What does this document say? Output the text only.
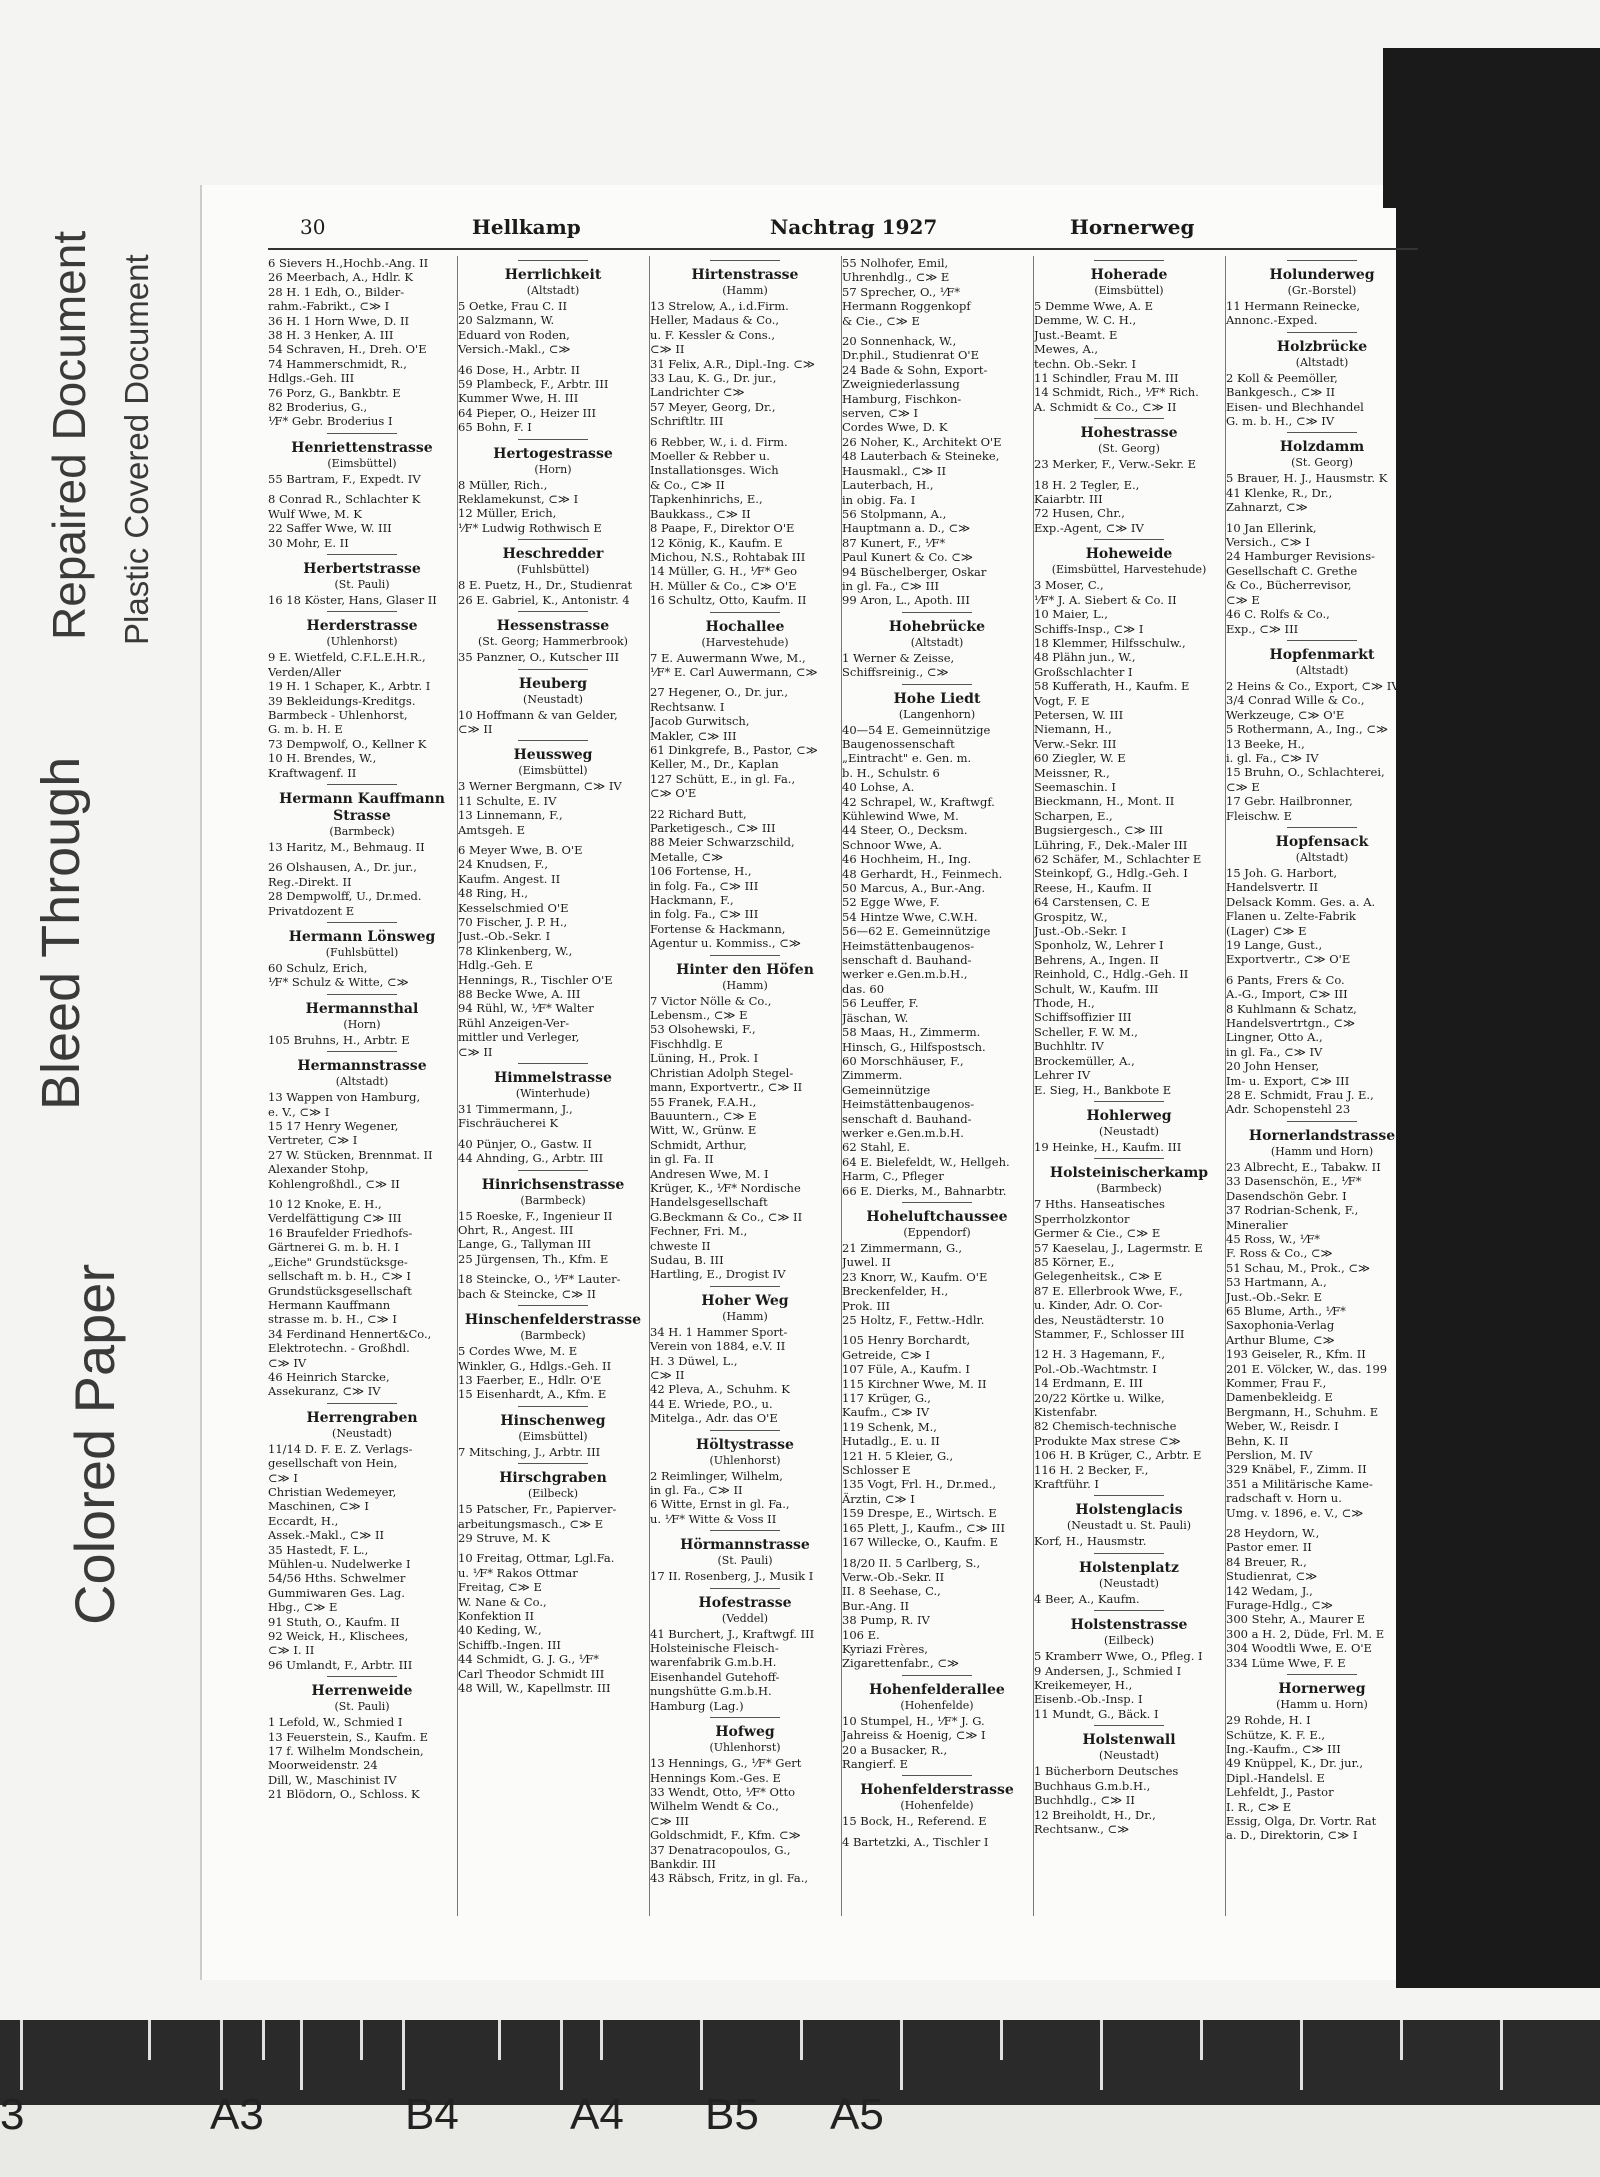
Colored Paper
Bleed Through
Repaired Document Plastic Covered Document
30	Hellkamp	Nachtrag 1927	Hornerweg
6 Sievers H.,Hochb.-Ang. II
26 Meerbach, A., Hdlr. K
28 H. 1 Edh, O., Bilder-
rahm.-Fabrikt., ⊂≫ I
36 H. 1 Horn Wwe, D. II
38 H. 3 Henker, A. III
54 Schraven, H., Dreh. O'E
74 Hammerschmidt, R.,
Hdlgs.-Geh. III
76 Porz, G., Bankbtr. E
82 Broderius, G.,
⅟F* Gebr. Broderius I
Henriettenstrasse
(Eimsbüttel)
55 Bartram, F., Expedt. IV
8 Conrad R., Schlachter K
Wulf Wwe, M. K
22 Saffer Wwe, W. III
30 Mohr, E. II
Herbertstrasse
(St. Pauli)
16 18 Köster, Hans, Glaser II
Herderstrasse
(Uhlenhorst)
9 E. Wietfeld, C.F.L.E.H.R.,
Verden/Aller
19 H. 1 Schaper, K., Arbtr. I
39 Bekleidungs-Kreditgs.
Barmbeck - Uhlenhorst,
G. m. b. H. E
73 Dempwolf, O., Kellner K
10 H. Brendes, W.,
Kraftwagenf. II
Hermann Kauffmann Strasse
(Barmbeck)
13 Haritz, M., Behmaug. II
26 Olshausen, A., Dr. jur.,
Reg.-Direkt. II
28 Dempwolff, U., Dr.med.
Privatdozent E
Hermann Lönsweg
(Fuhlsbüttel)
60 Schulz, Erich,
⅟F* Schulz & Witte, ⊂≫
Hermannsthal
(Horn)
105 Bruhns, H., Arbtr. E
Hermannstrasse
(Altstadt)
13 Wappen von Hamburg,
e. V., ⊂≫ I
15 17 Henry Wegener,
Vertreter, ⊂≫ I
27 W. Stücken, Brennmat. II
Alexander Stohp,
Kohlengroßhdl., ⊂≫ II
10 12 Knoke, E. H.,
Verdelfättigung ⊂≫ III
16 Braufelder Friedhofs-
Gärtnerei G. m. b. H. I
„Eiche" Grundstücksge-
sellschaft m. b. H., ⊂≫ I
Grundstücksgesellschaft
Hermann Kauffmann
strasse m. b. H., ⊂≫ I
34 Ferdinand Hennert&Co.,
Elektrotechn. - Großhdl.
⊂≫ IV
46 Heinrich Starcke,
Assekuranz, ⊂≫ IV
Herrengraben
(Neustadt)
11/14 D. F. E. Z. Verlags-
gesellschaft von Hein,
⊂≫ I
Christian Wedemeyer,
Maschinen, ⊂≫ I
Eccardt, H.,
Assek.-Makl., ⊂≫ II
35 Hastedt, F. L.,
Mühlen-u. Nudelwerke I
54/56 Hths. Schwelmer
Gummiwaren Ges. Lag.
Hbg., ⊂≫ E
91 Stuth, O., Kaufm. II
92 Weick, H., Klischees,
⊂≫ I. II
96 Umlandt, F., Arbtr. III
Herrenweide
(St. Pauli)
1 Lefold, W., Schmied I
13 Feuerstein, S., Kaufm. E
17 f. Wilhelm Mondschein,
Moorweidenstr. 24
Dill, W., Maschinist IV
21 Blödorn, O., Schloss. K
Herrlichkeit
(Altstadt)
5 Oetke, Frau C. II
20 Salzmann, W.
Eduard von Roden,
Versich.-Makl., ⊂≫
46 Dose, H., Arbtr. II
59 Plambeck, F., Arbtr. III
Kummer Wwe, H. III
64 Pieper, O., Heizer III
65 Bohn, F. I
Hertogestrasse
(Horn)
8 Müller, Rich.,
Reklamekunst, ⊂≫ I
12 Müller, Erich,
⅟F* Ludwig Rothwisch E
Heschredder
(Fuhlsbüttel)
8 E. Puetz, H., Dr., Studienrat
26 E. Gabriel, K., Antonistr. 4
Hessenstrasse
(St. Georg; Hammerbrook)
35 Panzner, O., Kutscher III
Heuberg
(Neustadt)
10 Hoffmann & van Gelder,
⊂≫ II
Heussweg
(Eimsbüttel)
3 Werner Bergmann, ⊂≫ IV
11 Schulte, E. IV
13 Linnemann, F.,
Amtsgeh. E
6 Meyer Wwe, B. O'E
24 Knudsen, F.,
Kaufm. Angest. II
48 Ring, H.,
Kesselschmied O'E
70 Fischer, J. P. H.,
Just.-Ob.-Sekr. I
78 Klinkenberg, W.,
Hdlg.-Geh. E
Hennings, R., Tischler O'E
88 Becke Wwe, A. III
94 Rühl, W., ⅟F* Walter
Rühl Anzeigen-Ver-
mittler und Verleger,
⊂≫ II
Himmelstrasse
(Winterhude)
31 Timmermann, J.,
Fischräucherei K
40 Pünjer, O., Gastw. II
44 Ahnding, G., Arbtr. III
Hinrichsenstrasse
(Barmbeck)
15 Roeske, F., Ingenieur II
Ohrt, R., Angest. III
Lange, G., Tallyman III
25 Jürgensen, Th., Kfm. E
18 Steincke, O., ⅟F* Lauter-
bach & Steincke, ⊂≫ II
Hinschenfelderstrasse
(Barmbeck)
5 Cordes Wwe, M. E
Winkler, G., Hdlgs.-Geh. II
13 Faerber, E., Hdlr. O'E
15 Eisenhardt, A., Kfm. E
Hinschenweg
(Eimsbüttel)
7 Mitsching, J., Arbtr. III
Hirschgraben
(Eilbeck)
15 Patscher, Fr., Papierver-
arbeitungsmasch., ⊂≫ E
29 Struve, M. K
10 Freitag, Ottmar, Lgl.Fa.
u. ⅟F* Rakos Ottmar
Freitag, ⊂≫ E
W. Nane & Co.,
Konfektion II
40 Keding, W.,
Schiffb.-Ingen. III
44 Schmidt, G. J. G., ⅟F*
Carl Theodor Schmidt III
48 Will, W., Kapellmstr. III
Hirtenstrasse
(Hamm)
13 Strelow, A., i.d.Firm.
Heller, Madaus & Co.,
u. F. Kessler & Cons.,
⊂≫ II
31 Felix, A.R., Dipl.-Ing. ⊂≫
33 Lau, K. G., Dr. jur.,
Landrichter ⊂≫
57 Meyer, Georg, Dr.,
Schriftltr. III
6 Rebber, W., i. d. Firm.
Moeller & Rebber u.
Installationsges. Wich
& Co., ⊂≫ II
Tapkenhinrichs, E.,
Baukkass., ⊂≫ II
8 Paape, F., Direktor O'E
12 König, K., Kaufm. E
Michou, N.S., Rohtabak III
14 Müller, G. H., ⅟F* Geo
H. Müller & Co., ⊂≫ O'E
16 Schultz, Otto, Kaufm. II
Hochallee
(Harvestehude)
7 E. Auwermann Wwe, M.,
⅟F* E. Carl Auwermann, ⊂≫
27 Hegener, O., Dr. jur.,
Rechtsanw. I
Jacob Gurwitsch,
Makler, ⊂≫ III
61 Dinkgrefe, B., Pastor, ⊂≫
Keller, M., Dr., Kaplan
127 Schütt, E., in gl. Fa.,
⊂≫ O'E
22 Richard Butt,
Parketigesch., ⊂≫ III
88 Meier Schwarzschild,
Metalle, ⊂≫
106 Fortense, H.,
in folg. Fa., ⊂≫ III
Hackmann, F.,
in folg. Fa., ⊂≫ III
Fortense & Hackmann,
Agentur u. Kommiss., ⊂≫
Hinter den Höfen
(Hamm)
7 Victor Nölle & Co.,
Lebensm., ⊂≫ E
53 Olsohewski, F.,
Fischhdlg. E
Lüning, H., Prok. I
Christian Adolph Stegel-
mann, Exportvertr., ⊂≫ II
55 Franek, F.A.H.,
Bauuntern., ⊂≫ E
Witt, W., Grünw. E
Schmidt, Arthur,
in gl. Fa. II
Andresen Wwe, M. I
Krüger, K., ⅟F* Nordische
Handelsgesellschaft
G.Beckmann & Co., ⊂≫ II
Fechner, Fri. M.,
chweste II
Sudau, B. III
Hartling, E., Drogist IV
Hoher Weg
(Hamm)
34 H. 1 Hammer Sport-
Verein von 1884, e.V. II
H. 3 Düwel, L.,
⊂≫ II
42 Pleva, A., Schuhm. K
44 E. Wriede, P.O., u.
Mitelga., Adr. das O'E
Höltystrasse
(Uhlenhorst)
2 Reimlinger, Wilhelm,
in gl. Fa., ⊂≫ II
6 Witte, Ernst in gl. Fa.,
u. ⅟F* Witte & Voss II
Hörmannstrasse
(St. Pauli)
17 II. Rosenberg, J., Musik I
Hofestrasse
(Veddel)
41 Burchert, J., Kraftwgf. III
Holsteinische Fleisch-
warenfabrik G.m.b.H.
Eisenhandel Gutehoff-
nungshütte G.m.b.H.
Hamburg (Lag.)
Hofweg
(Uhlenhorst)
13 Hennings, G., ⅟F* Gert
Hennings Kom.-Ges. E
33 Wendt, Otto, ⅟F* Otto
Wilhelm Wendt & Co.,
⊂≫ III
Goldschmidt, F., Kfm. ⊂≫
37 Denatracopoulos, G.,
Bankdir. III
43 Räbsch, Fritz, in gl. Fa.,
55 Nolhofer, Emil,
Uhrenhdlg., ⊂≫ E
57 Sprecher, O., ⅟F*
Hermann Roggenkopf
& Cie., ⊂≫ E
20 Sonnenhack, W.,
Dr.phil., Studienrat O'E
24 Bade & Sohn, Export-
Zweigniederlassung
Hamburg, Fischkon-
serven, ⊂≫ I
Cordes Wwe, D. K
26 Noher, K., Architekt O'E
48 Lauterbach & Steineke,
Hausmakl., ⊂≫ II
Lauterbach, H.,
in obig. Fa. I
56 Stolpmann, A.,
Hauptmann a. D., ⊂≫
87 Kunert, F., ⅟F*
Paul Kunert & Co. ⊂≫
94 Büschelberger, Oskar
in gl. Fa., ⊂≫ III
99 Aron, L., Apoth. III
Hohebrücke
(Altstadt)
1 Werner & Zeisse,
Schiffsreinig., ⊂≫
Hohe Liedt
(Langenhorn)
40—54 E. Gemeinnützige
Baugenossenschaft
„Eintracht" e. Gen. m.
b. H., Schulstr. 6
40 Lohse, A.
42 Schrapel, W., Kraftwgf.
Kühlewind Wwe, M.
44 Steer, O., Decksm.
Schnoor Wwe, A.
46 Hochheim, H., Ing.
48 Gerhardt, H., Feinmech.
50 Marcus, A., Bur.-Ang.
52 Egge Wwe, F.
54 Hintze Wwe, C.W.H.
56—62 E. Gemeinnützige
Heimstättenbaugenos-
senschaft d. Bauhand-
werker e.Gen.m.b.H.,
das. 60
56 Leuffer, F.
Jäschan, W.
58 Maas, H., Zimmerm.
Hinsch, G., Hilfspostsch.
60 Morschhäuser, F.,
Zimmerm.
Gemeinnützige
Heimstättenbaugenos-
senschaft d. Bauhand-
werker e.Gen.m.b.H.
62 Stahl, E.
64 E. Bielefeldt, W., Hellgeh.
Harm, C., Pfleger
66 E. Dierks, M., Bahnarbtr.
Hoheluftchaussee
(Eppendorf)
21 Zimmermann, G.,
Juwel. II
23 Knorr, W., Kaufm. O'E
Breckenfelder, H.,
Prok. III
25 Holtz, F., Fettw.-Hdlr.
105 Henry Borchardt,
Getreide, ⊂≫ I
107 Füle, A., Kaufm. I
115 Kirchner Wwe, M. II
117 Krüger, G.,
Kaufm., ⊂≫ IV
119 Schenk, M.,
Hutadlg., E. u. II
121 H. 5 Kleier, G.,
Schlosser E
135 Vogt, Frl. H., Dr.med.,
Ärztin, ⊂≫ I
159 Drespe, E., Wirtsch. E
165 Plett, J., Kaufm., ⊂≫ III
167 Willecke, O., Kaufm. E
18/20 II. 5 Carlberg, S.,
Verw.-Ob.-Sekr. II
II. 8 Seehase, C.,
Bur.-Ang. II
38 Pump, R. IV
106 E.
Kyriazi Frères,
Zigarettenfabr., ⊂≫
Hohenfelderallee
(Hohenfelde)
10 Stumpel, H., ⅟F* J. G.
Jahreiss & Hoenig, ⊂≫ I
20 a Busacker, R.,
Rangierf. E
Hohenfelderstrasse
(Hohenfelde)
15 Bock, H., Referend. E
4 Bartetzki, A., Tischler I
Hoherade
(Eimsbüttel)
5 Demme Wwe, A. E
Demme, W. C. H.,
Just.-Beamt. E
Mewes, A.,
techn. Ob.-Sekr. I
11 Schindler, Frau M. III
14 Schmidt, Rich., ⅟F* Rich.
A. Schmidt & Co., ⊂≫ II
Hohestrasse
(St. Georg)
23 Merker, F., Verw.-Sekr. E
18 H. 2 Tegler, E.,
Kaiarbtr. III
72 Husen, Chr.,
Exp.-Agent, ⊂≫ IV
Hoheweide
(Eimsbüttel, Harvestehude)
3 Moser, C.,
⅟F* J. A. Siebert & Co. II
10 Maier, L.,
Schiffs-Insp., ⊂≫ I
18 Klemmer, Hilfsschulw.,
48 Plähn jun., W.,
Großschlachter I
58 Kufferath, H., Kaufm. E
Vogt, F. E
Petersen, W. III
Niemann, H.,
Verw.-Sekr. III
60 Ziegler, W. E
Meissner, R.,
Seemaschin. I
Bieckmann, H., Mont. II
Scharpen, E.,
Bugsiergesch., ⊂≫ III
Lühring, F., Dek.-Maler III
62 Schäfer, M., Schlachter E
Steinkopf, G., Hdlg.-Geh. I
Reese, H., Kaufm. II
64 Carstensen, C. E
Grospitz, W.,
Just.-Ob.-Sekr. I
Sponholz, W., Lehrer I
Behrens, A., Ingen. II
Reinhold, C., Hdlg.-Geh. II
Schult, W., Kaufm. III
Thode, H.,
Schiffsoffizier III
Scheller, F. W. M.,
Buchhltr. IV
Brockemüller, A.,
Lehrer IV
E. Sieg, H., Bankbote E
Hohlerweg
(Neustadt)
19 Heinke, H., Kaufm. III
Holsteinischerkamp
(Barmbeck)
7 Hths. Hanseatisches
Sperrholzkontor
Germer & Cie., ⊂≫ E
57 Kaeselau, J., Lagermstr. E
85 Körner, E.,
Gelegenheitsk., ⊂≫ E
87 E. Ellerbrook Wwe, F.,
u. Kinder, Adr. O. Cor-
des, Neustädterstr. 10
Stammer, F., Schlosser III
12 H. 3 Hagemann, F.,
Pol.-Ob.-Wachtmstr. I
14 Erdmann, E. III
20/22 Körtke u. Wilke,
Kistenfabr.
82 Chemisch-technische
Produkte Max strese ⊂≫
106 H. B Krüger, C., Arbtr. E
116 H. 2 Becker, F.,
Kraftführ. I
Holstenglacis
(Neustadt u. St. Pauli)
Korf, H., Hausmstr.
Holstenplatz
(Neustadt)
4 Beer, A., Kaufm.
Holstenstrasse
(Eilbeck)
5 Kramberr Wwe, O., Pfleg. I
9 Andersen, J., Schmied I
Kreikemeyer, H.,
Eisenb.-Ob.-Insp. I
11 Mundt, G., Bäck. I
Holstenwall
(Neustadt)
1 Bücherborn Deutsches
Buchhaus G.m.b.H.,
Buchhdlg., ⊂≫ II
12 Breiholdt, H., Dr.,
Rechtsanw., ⊂≫
Holunderweg
(Gr.-Borstel)
11 Hermann Reinecke,
Annonc.-Exped.
Holzbrücke
(Altstadt)
2 Koll & Peemöller,
Bankgesch., ⊂≫ II
Eisen- und Blechhandel
G. m. b. H., ⊂≫ IV
Holzdamm
(St. Georg)
5 Brauer, H. J., Hausmstr. K
41 Klenke, R., Dr.,
Zahnarzt, ⊂≫
10 Jan Ellerink,
Versich., ⊂≫ I
24 Hamburger Revisions-
Gesellschaft C. Grethe
& Co., Bücherrevisor,
⊂≫ E
46 C. Rolfs & Co.,
Exp., ⊂≫ III
Hopfenmarkt
(Altstadt)
2 Heins & Co., Export, ⊂≫ IV
3/4 Conrad Wille & Co.,
Werkzeuge, ⊂≫ O'E
5 Rothermann, A., Ing., ⊂≫
13 Beeke, H.,
i. gl. Fa., ⊂≫ IV
15 Bruhn, O., Schlachterei,
⊂≫ E
17 Gebr. Hailbronner,
Fleischw. E
Hopfensack
(Altstadt)
15 Joh. G. Harbort,
Handelsvertr. II
Delsack Komm. Ges. a. A.
Flanen u. Zelte-Fabrik
(Lager) ⊂≫ E
19 Lange, Gust.,
Exportvertr., ⊂≫ O'E
6 Pants, Frers & Co.
A.-G., Import, ⊂≫ III
8 Kuhlmann & Schatz,
Handelsvertrtgn., ⊂≫
Lingner, Otto A.,
in gl. Fa., ⊂≫ IV
20 John Henser,
Im- u. Export, ⊂≫ III
28 E. Schmidt, Frau J. E.,
Adr. Schopenstehl 23
Hornerlandstrasse
(Hamm und Horn)
23 Albrecht, E., Tabakw. II
33 Dasenschön, E., ⅟F*
Dasendschön Gebr. I
37 Rodrian-Schenk, F.,
Mineralier
45 Ross, W., ⅟F*
F. Ross & Co., ⊂≫
51 Schau, M., Prok., ⊂≫
53 Hartmann, A.,
Just.-Ob.-Sekr. E
65 Blume, Arth., ⅟F*
Saxophonia-Verlag
Arthur Blume, ⊂≫
193 Geiseler, R., Kfm. II
201 E. Völcker, W., das. 199
Kommer, Frau F.,
Damenbekleidg. E
Bergmann, H., Schuhm. E
Weber, W., Reisdr. I
Behn, K. II
Perslion, M. IV
329 Knäbel, F., Zimm. II
351 a Militärische Kame-
radschaft v. Horn u.
Umg. v. 1896, e. V., ⊂≫
28 Heydorn, W.,
Pastor emer. II
84 Breuer, R.,
Studienrat, ⊂≫
142 Wedam, J.,
Furage-Hdlg., ⊂≫
300 Stehr, A., Maurer E
300 a H. 2, Düde, Frl. M. E
304 Woodtli Wwe, E. O'E
334 Lüme Wwe, F. E
Hornerweg
(Hamm u. Horn)
29 Rohde, H. I
Schütze, K. F. E.,
Ing.-Kaufm., ⊂≫ III
49 Knüppel, K., Dr. jur.,
Dipl.-Handelsl. E
Lehfeldt, J., Pastor
I. R., ⊂≫ E
Essig, Olga, Dr. Vortr. Rat
a. D., Direktorin, ⊂≫ I
3	A3	B4	A4 B5 A5
